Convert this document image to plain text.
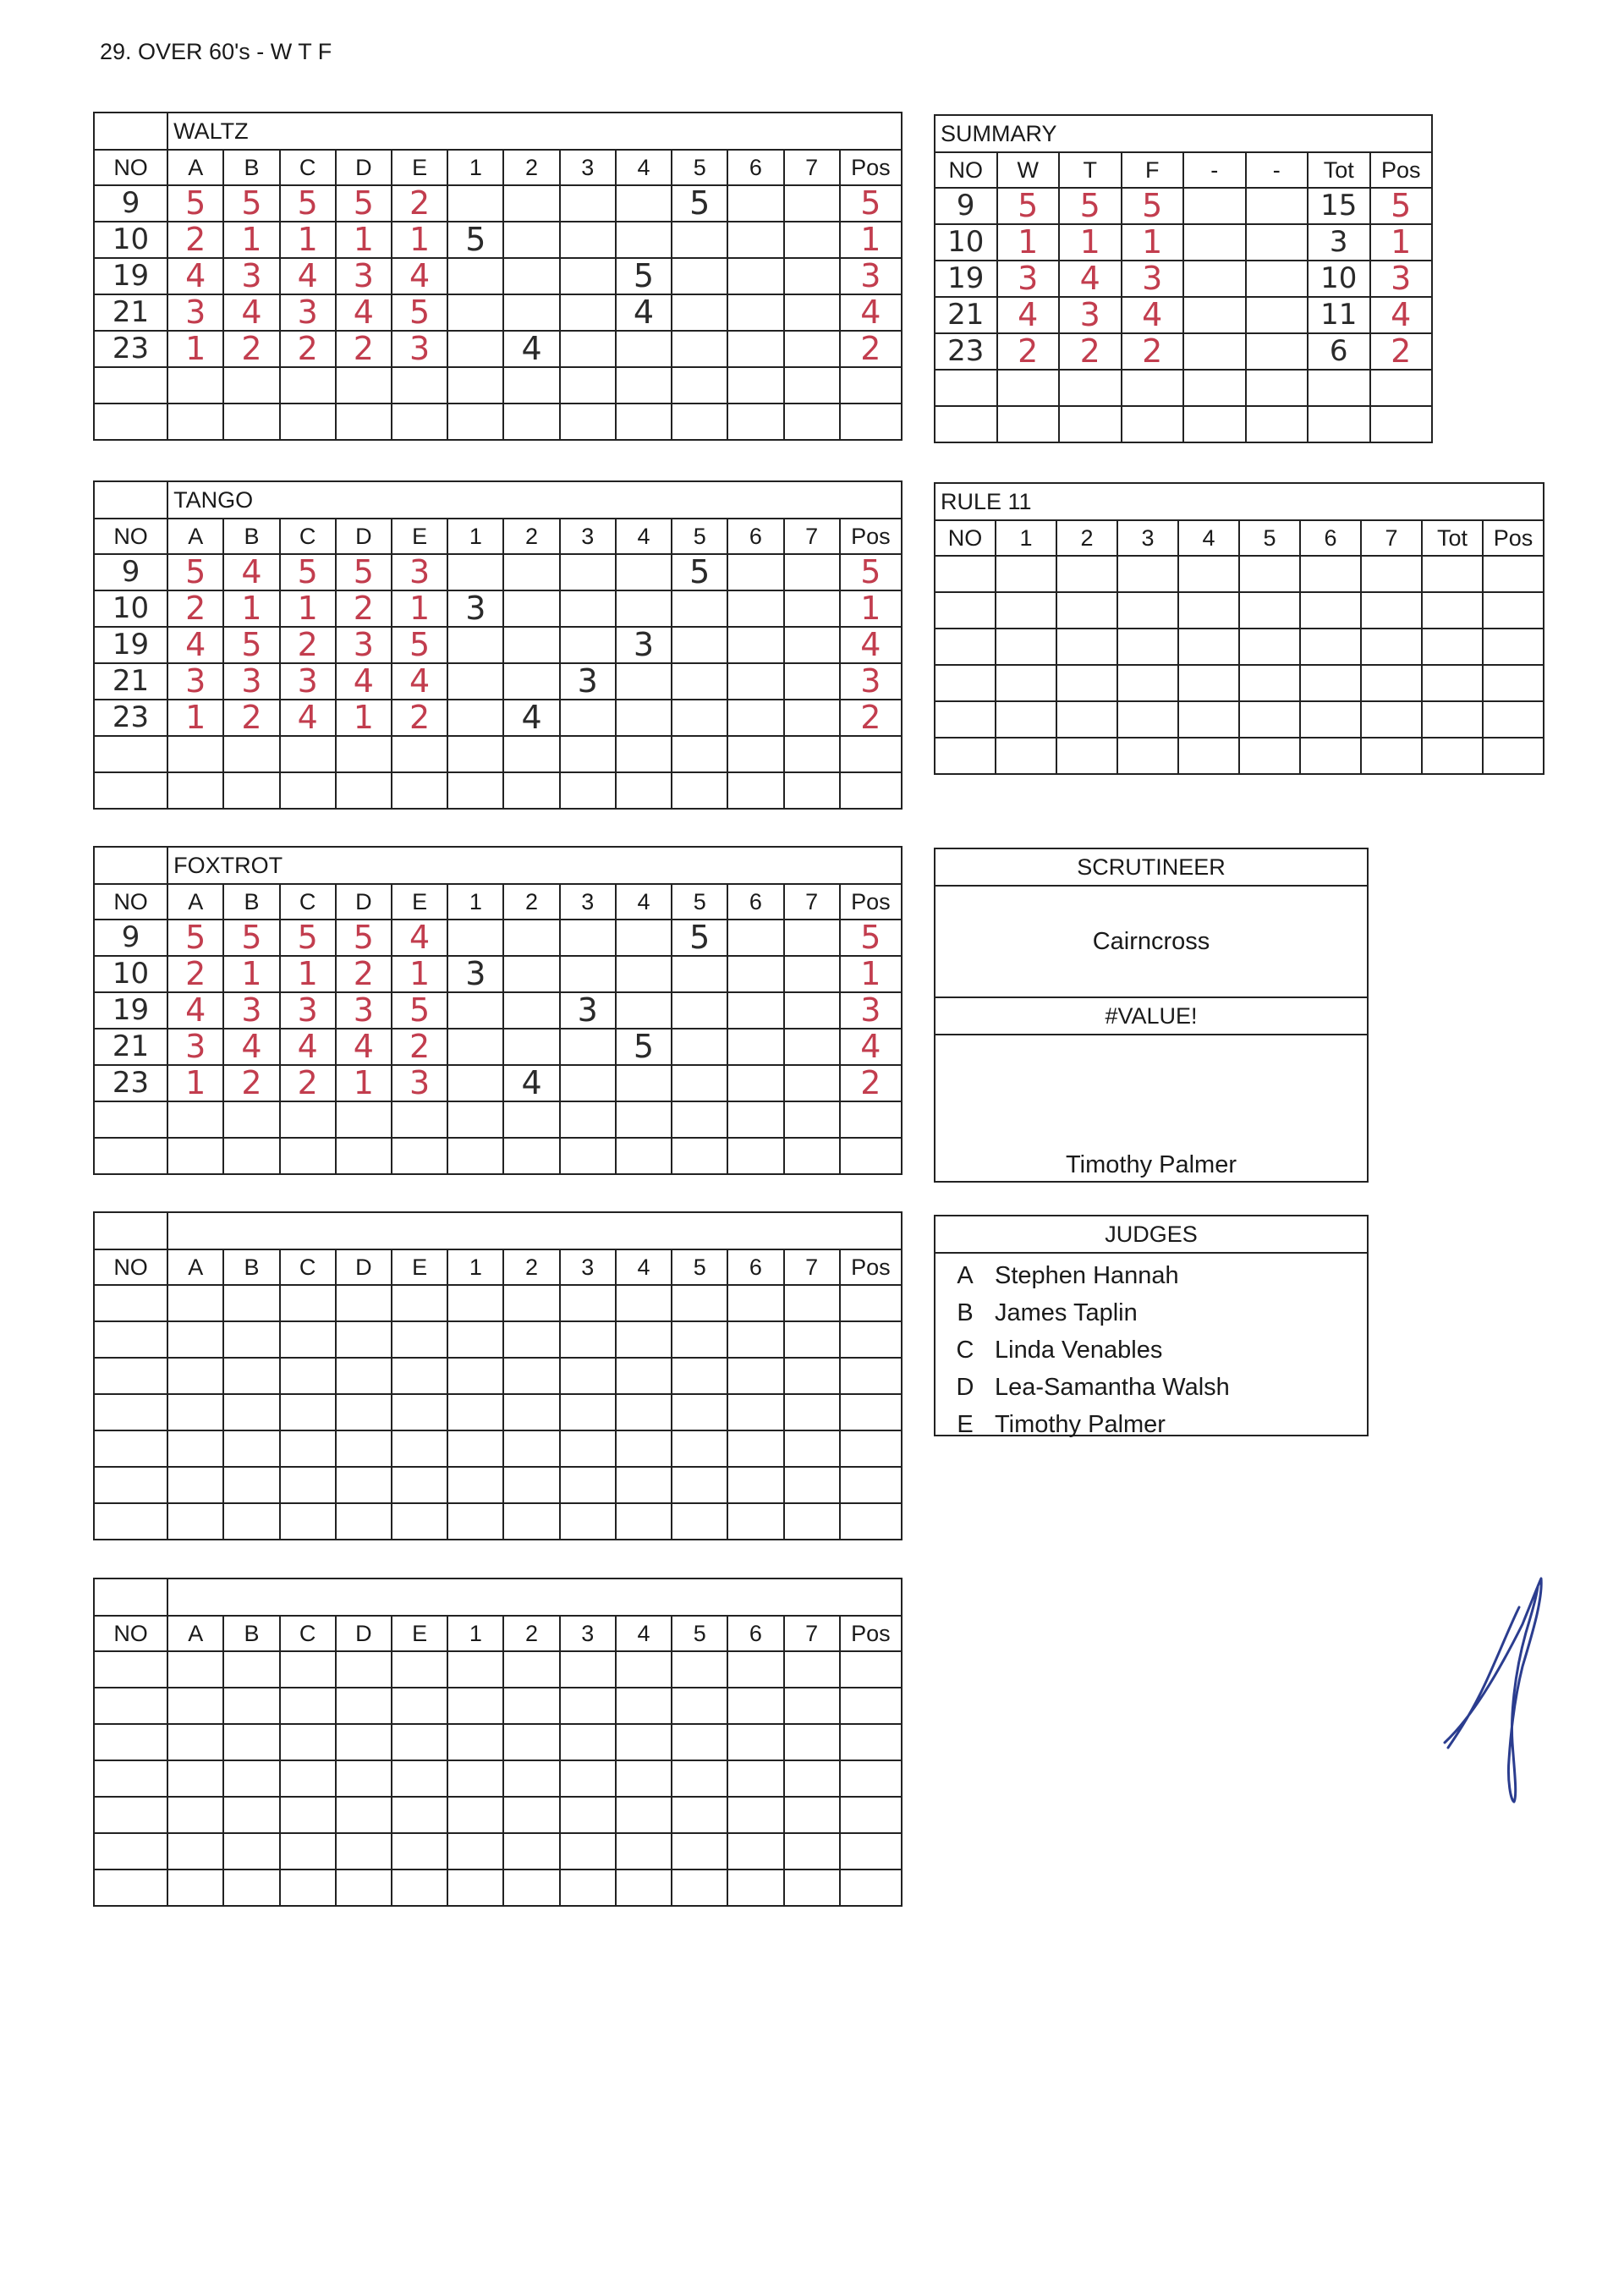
29. OVER 60's - W T F
	WALTZ												
NO	A	B	C	D	E	1	2	3	4	5	6	7	Pos
9	5	5	5	5	2					5			5
10	2	1	1	1	1	5							1
19	4	3	4	3	4				5				3
21	3	4	3	4	5				4				4
23	1	2	2	2	3		4						2

	TANGO												
NO	A	B	C	D	E	1	2	3	4	5	6	7	Pos
9	5	4	5	5	3					5			5
10	2	1	1	2	1	3							1
19	4	5	2	3	5				3				4
21	3	3	3	4	4			3					3
23	1	2	4	1	2		4						2

	FOXTROT												
NO	A	B	C	D	E	1	2	3	4	5	6	7	Pos
9	5	5	5	5	4					5			5
10	2	1	1	2	1	3							1
19	4	3	3	3	5			3					3
21	3	4	4	4	2				5				4
23	1	2	2	1	3		4						2

NO	A	B	C	D	E	1	2	3	4	5	6	7	Pos

NO	A	B	C	D	E	1	2	3	4	5	6	7	Pos

SUMMARY							
NO	W	T	F	-	-	Tot	Pos
9	5	5	5			15	5
10	1	1	1			3	1
19	3	4	3			10	3
21	4	3	4			11	4
23	2	2	2			6	2

RULE 11									
NO	1	2	3	4	5	6	7	Tot	Pos

SCRUTINEER
Cairncross
#VALUE!
Timothy Palmer
JUDGES
A Stephen Hannah
B James Taplin
C Linda Venables
D Lea-Samantha Walsh
E Timothy Palmer
